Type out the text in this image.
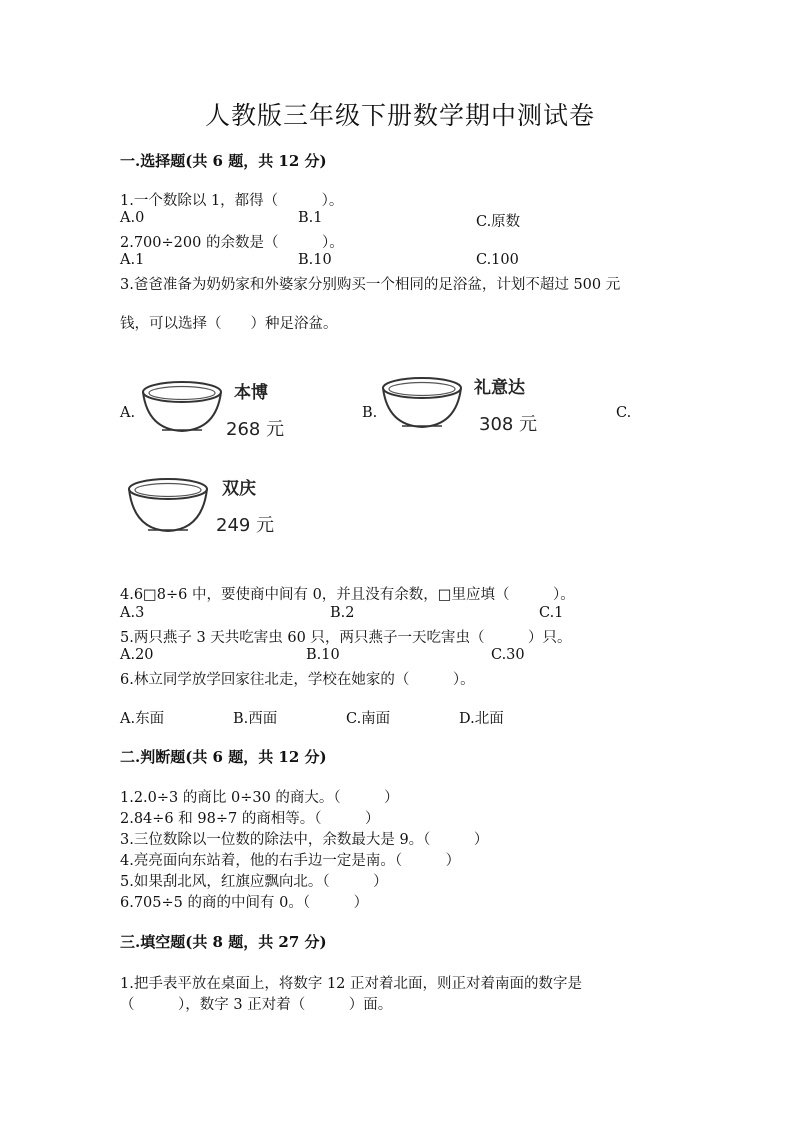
人教版三年级下册数学期中测试卷
一.选择题(共 6 题，共 12 分)
1.一个数除以 1，都得（　　　）。
A.0	B.1	C.原数
2.700÷200 的余数是（　　　）。
A.1	B.10	C.100
3.爸爸准备为奶奶家和外婆家分别购买一个相同的足浴盆，计划不超过 500 元
钱，可以选择（　　）种足浴盆。
A.
本博
268 元
B.
礼意达
308 元
C.
双庆
249 元
4.6□8÷6 中，要使商中间有 0，并且没有余数，□里应填（　　　）。
A.3	B.2	C.1
5.两只燕子 3 天共吃害虫 60 只，两只燕子一天吃害虫（　　　）只。
A.20	B.10	C.30
6.林立同学放学回家往北走，学校在她家的（　　　）。
A.东面	B.西面	C.南面	D.北面
二.判断题(共 6 题，共 12 分)
1.2.0÷3 的商比 0÷30 的商大。（　　　）
2.84÷6 和 98÷7 的商相等。（　　　）
3.三位数除以一位数的除法中，余数最大是 9。（　　　）
4.亮亮面向东站着，他的右手边一定是南。（　　　）
5.如果刮北风，红旗应飘向北。（　　　）
6.705÷5 的商的中间有 0。（　　　）
三.填空题(共 8 题，共 27 分)
1.把手表平放在桌面上，将数字 12 正对着北面，则正对着南面的数字是
（　　　），数字 3 正对着（　　　）面。
